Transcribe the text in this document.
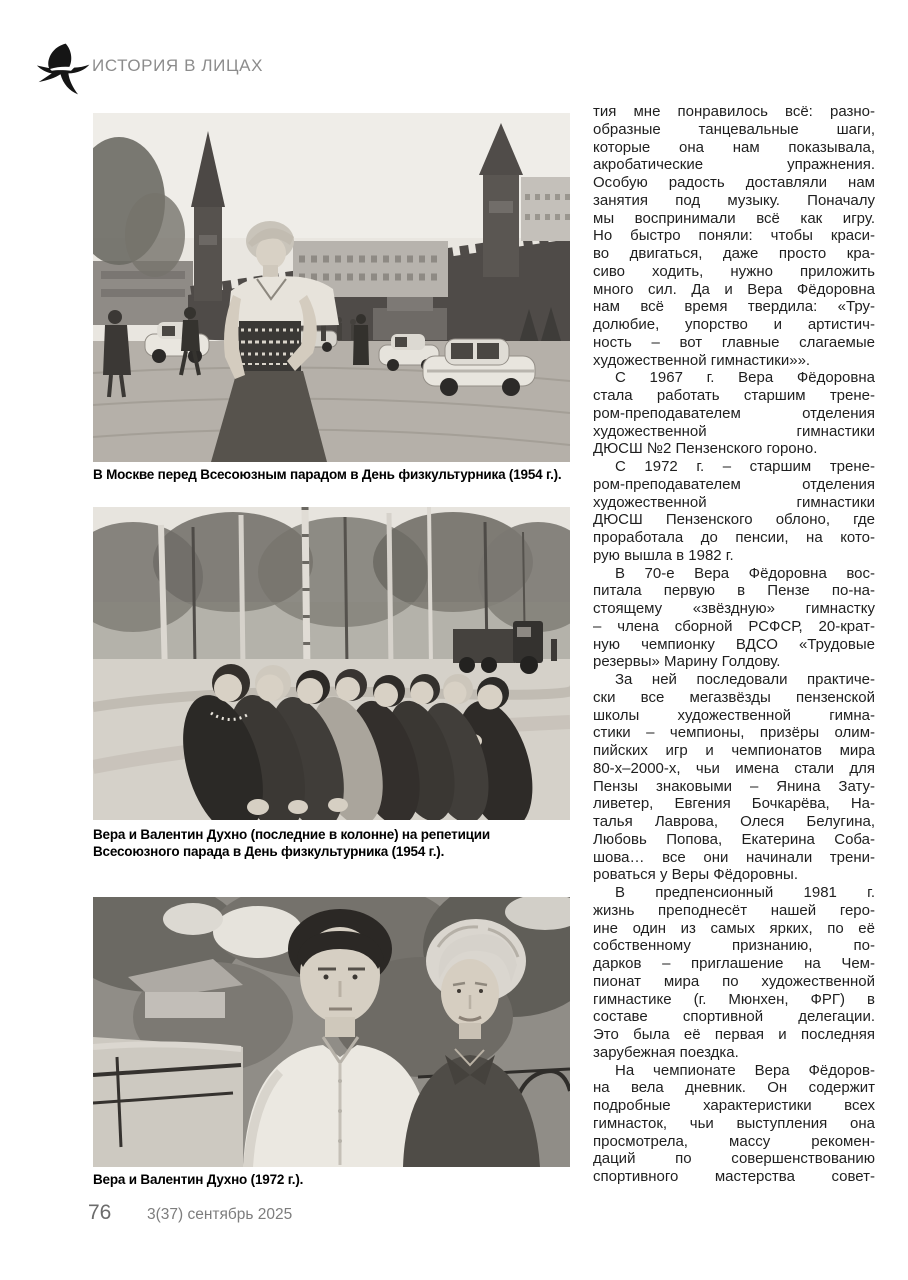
ИСТОРИЯ В ЛИЦАХ
В Москве перед Всесоюзным парадом в День физкультурника (1954 г.).
Вера и Валентин Духно (последние в колонне) на репетиции Всесоюзного парада в День физкультурника (1954 г.).
Вера и Валентин Духно (1972 г.).
тия мне понравилось всё: разно-
образные танцевальные шаги,
которые она нам показывала,
акробатические упражнения.
Особую радость доставляли нам
занятия под музыку. Поначалу
мы воспринимали всё как игру.
Но быстро поняли: чтобы краси-
во двигаться, даже просто кра-
сиво ходить, нужно приложить
много сил. Да и Вера Фёдоровна
нам всё время твердила: «Тру-
долюбие, упорство и артистич-
ность – вот главные слагаемые
художественной гимнастики»».
С 1967 г. Вера Фёдоровна
стала работать старшим трене-
ром-преподавателем отделения
художественной гимнастики
ДЮСШ №2 Пензенского гороно.
С 1972 г. – старшим трене-
ром-преподавателем отделения
художественной гимнастики
ДЮСШ Пензенского облоно, где
проработала до пенсии, на кото-
рую вышла в 1982 г.
В 70-е Вера Фёдоровна вос-
питала первую в Пензе по-на-
стоящему «звёздную» гимнастку
– члена сборной РСФСР, 20-крат-
ную чемпионку ВДСО «Трудовые
резервы» Марину Голдову.
За ней последовали практиче-
ски все мегазвёзды пензенской
школы художественной гимна-
стики – чемпионы, призёры олим-
пийских игр и чемпионатов мира
80-х–2000-х, чьи имена стали для
Пензы знаковыми – Янина Зату-
ливетер, Евгения Бочкарёва, На-
талья Лаврова, Олеся Белугина,
Любовь Попова, Екатерина Соба-
шова… все они начинали трени-
роваться у Веры Фёдоровны.
В предпенсионный 1981 г.
жизнь преподнесёт нашей геро-
ине один из самых ярких, по её
собственному признанию, по-
дарков – приглашение на Чем-
пионат мира по художественной
гимнастике (г. Мюнхен, ФРГ) в
составе спортивной делегации.
Это была её первая и последняя
зарубежная поездка.
На чемпионате Вера Фёдоров-
на вела дневник. Он содержит
подробные характеристики всех
гимнасток, чьи выступления она
просмотрела, массу рекомен-
даций по совершенствованию
спортивного мастерства совет-
76 3(37) сентябрь 2025
